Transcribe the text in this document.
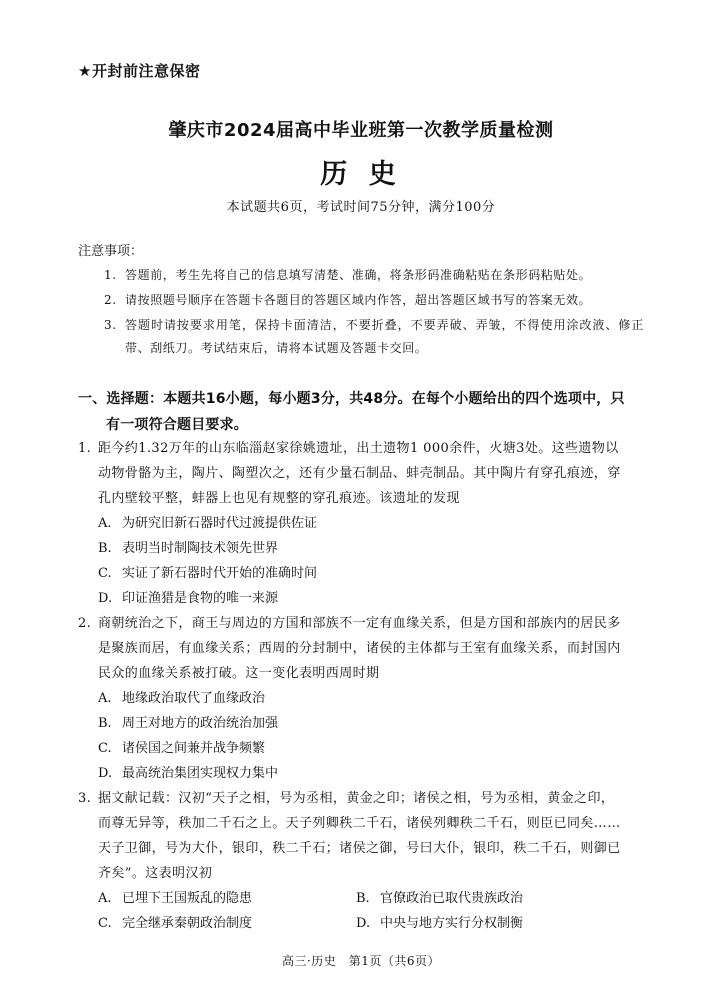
★开封前注意保密
肇庆市2024届高中毕业班第一次教学质量检测
历 史
本试题共6页，考试时间75分钟，满分100分
注意事项：
1. 答题前，考生先将自己的信息填写清楚、准确，将条形码准确粘贴在条形码粘贴处。
2. 请按照题号顺序在答题卡各题目的答题区域内作答，超出答题区域书写的答案无效。
3. 答题时请按要求用笔，保持卡面清洁，不要折叠，不要弄破、弄皱，不得使用涂改液、修正带、刮纸刀。考试结束后，请将本试题及答题卡交回。
一、选择题：本题共16小题，每小题3分，共48分。在每个小题给出的四个选项中，只
有一项符合题目要求。
1. 距今约1.32万年的山东临淄赵家徐姚遗址，出土遗物1 000余件，火塘3处。这些遗物以
动物骨骼为主，陶片、陶塑次之，还有少量石制品、蚌壳制品。其中陶片有穿孔痕迹，穿
孔内壁较平整，蚌器上也见有规整的穿孔痕迹。该遗址的发现
A. 为研究旧新石器时代过渡提供佐证
B. 表明当时制陶技术领先世界
C. 实证了新石器时代开始的准确时间
D. 印证渔猎是食物的唯一来源
2. 商朝统治之下，商王与周边的方国和部族不一定有血缘关系，但是方国和部族内的居民多
是聚族而居，有血缘关系；西周的分封制中，诸侯的主体都与王室有血缘关系，而封国内
民众的血缘关系被打破。这一变化表明西周时期
A. 地缘政治取代了血缘政治
B. 周王对地方的政治统治加强
C. 诸侯国之间兼并战争频繁
D. 最高统治集团实现权力集中
3. 据文献记载：汉初“天子之相，号为丞相，黄金之印；诸侯之相，号为丞相，黄金之印，
而尊无异等，秩加二千石之上。天子列卿秩二千石，诸侯列卿秩二千石，则臣已同矣……
天子卫御，号为大仆，银印，秩二千石；诸侯之御，号曰大仆，银印，秩二千石，则御已
齐矣”。这表明汉初
A. 已埋下王国叛乱的隐患	B. 官僚政治已取代贵族政治
C. 完全继承秦朝政治制度	D. 中央与地方实行分权制衡
高三·历史　第1页（共6页）
